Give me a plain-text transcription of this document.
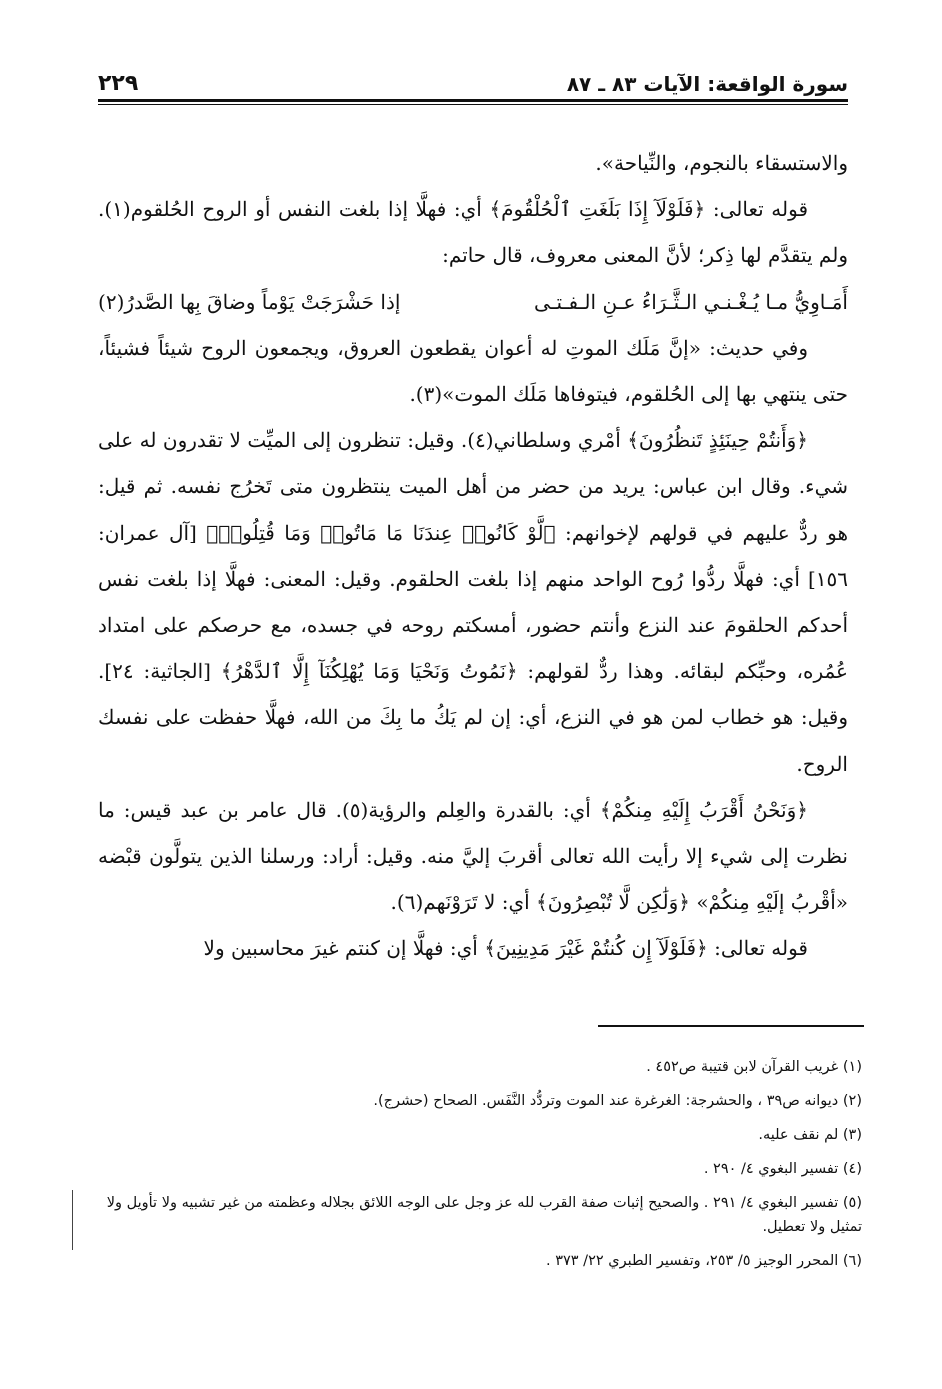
سورة الواقعة: الآيات ٨٣ ـ ٨٧
٢٢٩

والاستسقاء بالنجوم، والنِّياحة».

قوله تعالى: ﴿فَلَوْلَآ إِذَا بَلَغَتِ ٱلْحُلْقُومَ﴾ أي: فهلَّا إذا بلغت النفس أو الروح الحُلقوم(١). ولم يتقدَّم لها ذِكر؛ لأنَّ المعنى معروف، قال حاتم:

أَمَـاوِيُّ مـا يُـغْـنـي الـثَّـرَاءُ عـنِ الـفـتـى
إذا حَشْرَجَتْ يَوْماً وضاقَ بِها الصَّدرُ(٢)

وفي حديث: «إنَّ مَلَك الموتِ له أعوان يقطعون العروق، ويجمعون الروح شيئاً فشيئاً، حتى ينتهي بها إلى الحُلقوم، فيتوفاها مَلَك الموت»(٣).

﴿وَأَنتُمْ حِينَئِذٍ تَنظُرُونَ﴾ أمْري وسلطاني(٤). وقيل: تنظرون إلى الميِّت لا تقدرون له على شيء. وقال ابن عباس: يريد من حضر من أهل الميت ينتظرون متى تَخرُج نفسه. ثم قيل: هو ردٌّ عليهم في قولهم لإخوانهم: ﴿لَّوْ كَانُوا۟ عِندَنَا مَا مَاتُوا۟ وَمَا قُتِلُوا۟﴾ [آل عمران: ١٥٦] أي: فهلَّا ردُّوا رُوح الواحد منهم إذا بلغت الحلقوم. وقيل: المعنى: فهلَّا إذا بلغت نفس أحدكم الحلقومَ عند النزع وأنتم حضور، أمسكتم روحه في جسده، مع حرصكم على امتداد عُمُره، وحبِّكم لبقائه. وهذا ردٌّ لقولهم: ﴿نَمُوتُ وَنَحْيَا وَمَا يُهْلِكُنَآ إِلَّا ٱلدَّهْرُ﴾ [الجاثية: ٢٤]. وقيل: هو خطاب لمن هو في النزع، أي: إن لم يَكُ ما بِكَ من الله، فهلَّا حفظت على نفسك الروح.

﴿وَنَحْنُ أَقْرَبُ إِلَيْهِ مِنكُمْ﴾ أي: بالقدرة والعِلم والرؤية(٥). قال عامر بن عبد قيس: ما نظرت إلى شيء إلا رأيت الله تعالى أقربَ إليَّ منه. وقيل: أراد: ورسلنا الذين يتولَّون قبْضه «أقْربُ إلَيْهِ مِنكُمْ» ﴿وَلَٰكِن لَّا تُبْصِرُونَ﴾ أي: لا تَرَوْنَهم(٦).

قوله تعالى: ﴿فَلَوْلَآ إِن كُنتُمْ غَيْرَ مَدِينِينَ﴾ أي: فهلَّا إن كنتم غيرَ محاسبين ولا

(١) غريب القرآن لابن قتيبة ص٤٥٢ .

(٢) ديوانه ص٣٩ ، والحشرجة: الغرغرة عند الموت وتردُّد النَّفَس. الصحاح (حشرج).

(٣) لم نقف عليه.

(٤) تفسير البغوي ٤/ ٢٩٠ .

(٥) تفسير البغوي ٤/ ٢٩١ . والصحيح إثبات صفة القرب لله عز وجل على الوجه اللائق بجلاله وعظمته من غير تشبيه ولا تأويل ولا تمثيل ولا تعطيل.

(٦) المحرر الوجيز ٥/ ٢٥٣، وتفسير الطبري ٢٢/ ٣٧٣ .
